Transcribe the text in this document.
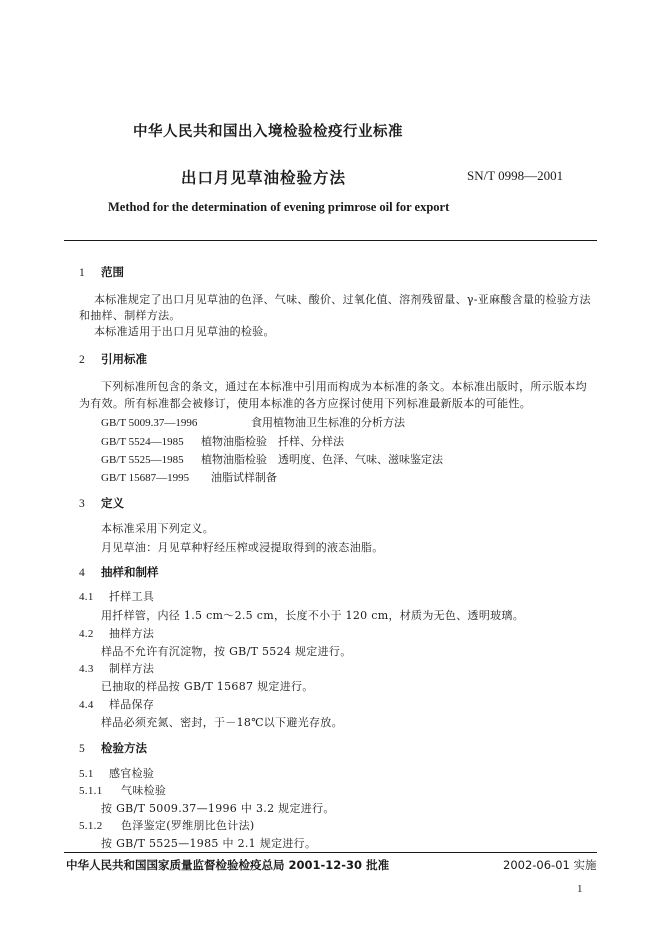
中华人民共和国出入境检验检疫行业标准
出口月见草油检验方法	SN/T 0998—2001
Method for the determination of evening primrose oil for export
1 范围
本标准规定了出口月见草油的色泽、气味、酸价、过氧化值、溶剂残留量、γ-亚麻酸含量的检验方法
和抽样、制样方法。
本标准适用于出口月见草油的检验。
2 引用标准
下列标准所包含的条文，通过在本标准中引用而构成为本标准的条文。本标准出版时，所示版本均
为有效。所有标准都会被修订，使用本标准的各方应探讨使用下列标准最新版本的可能性。
GB/T 5009.37—1996	食用植物油卫生标准的分析方法
GB/T 5524—1985 植物油脂检验　扦样、分样法
GB/T 5525—1985 植物油脂检验　透明度、色泽、气味、滋味鉴定法
GB/T 15687—1995 油脂试样制备
3 定义
本标准采用下列定义。
月见草油：月见草种籽经压榨或浸提取得到的液态油脂。
4 抽样和制样
4.1 扦样工具
用扦样管，内径 1.5 cm～2.5 cm，长度不小于 120 cm，材质为无色、透明玻璃。
4.2 抽样方法
样品不允许有沉淀物，按 GB/T 5524 规定进行。
4.3 制样方法
已抽取的样品按 GB/T 15687 规定进行。
4.4 样品保存
样品必须充氮、密封，于－18℃以下避光存放。
5 检验方法
5.1 感官检验
5.1.1 气味检验
按 GB/T 5009.37—1996 中 3.2 规定进行。
5.1.2 色泽鉴定(罗维朋比色计法)
按 GB/T 5525—1985 中 2.1 规定进行。
中华人民共和国国家质量监督检验检疫总局 2001-12-30 批准	2002-06-01 实施
1
